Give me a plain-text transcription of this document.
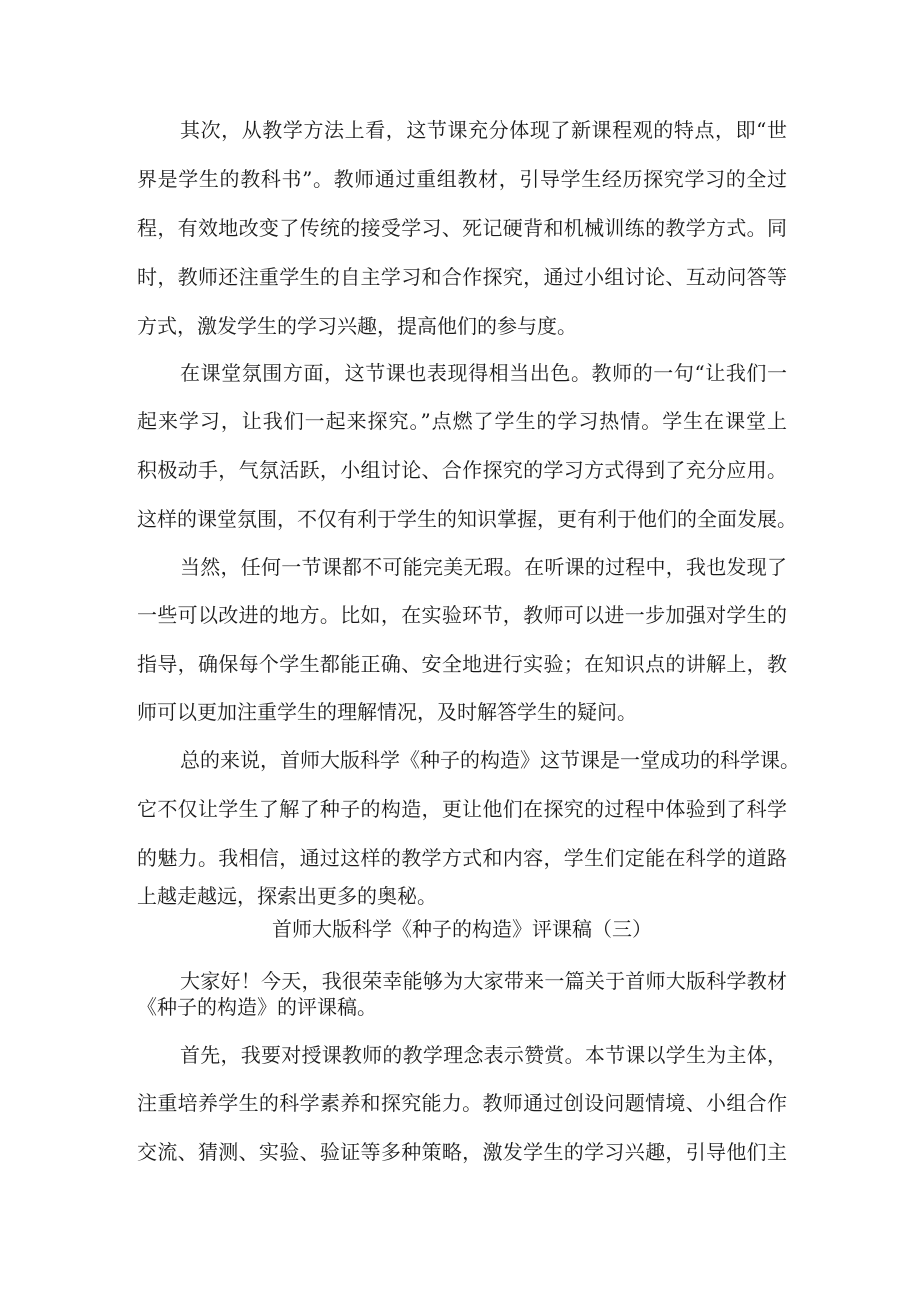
其次，从教学方法上看，这节课充分体现了新课程观的特点，即“世
界是学生的教科书”。教师通过重组教材，引导学生经历探究学习的全过
程，有效地改变了传统的接受学习、死记硬背和机械训练的教学方式。同
时，教师还注重学生的自主学习和合作探究，通过小组讨论、互动问答等
方式，激发学生的学习兴趣，提高他们的参与度。
在课堂氛围方面，这节课也表现得相当出色。教师的一句“让我们一
起来学习，让我们一起来探究。”点燃了学生的学习热情。学生在课堂上
积极动手，气氛活跃，小组讨论、合作探究的学习方式得到了充分应用。
这样的课堂氛围，不仅有利于学生的知识掌握，更有利于他们的全面发展。
当然，任何一节课都不可能完美无瑕。在听课的过程中，我也发现了
一些可以改进的地方。比如，在实验环节，教师可以进一步加强对学生的
指导，确保每个学生都能正确、安全地进行实验；在知识点的讲解上，教
师可以更加注重学生的理解情况，及时解答学生的疑问。
总的来说，首师大版科学《种子的构造》这节课是一堂成功的科学课。
它不仅让学生了解了种子的构造，更让他们在探究的过程中体验到了科学
的魅力。我相信，通过这样的教学方式和内容，学生们定能在科学的道路
上越走越远，探索出更多的奥秘。
首师大版科学《种子的构造》评课稿（三）
大家好！今天，我很荣幸能够为大家带来一篇关于首师大版科学教材
《种子的构造》的评课稿。
首先，我要对授课教师的教学理念表示赞赏。本节课以学生为主体，
注重培养学生的科学素养和探究能力。教师通过创设问题情境、小组合作
交流、猜测、实验、验证等多种策略，激发学生的学习兴趣，引导他们主
